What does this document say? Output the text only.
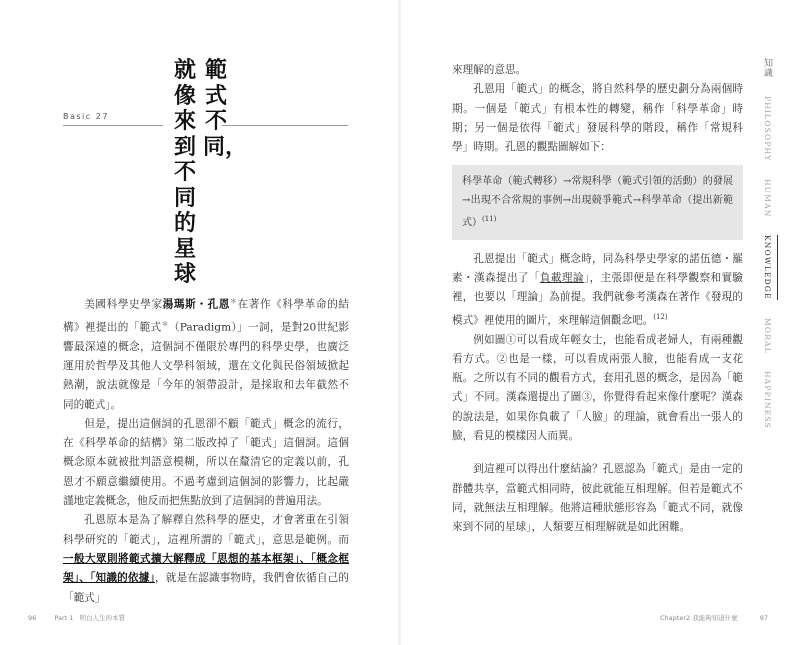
Basic 27
範式不同，
就像來到不同的星球

美國科學史學家湯瑪斯・孔恩＊在著作《科學革命的結構》裡提出的「範式＊（Paradigm）」一詞，是對20世紀影響最深遠的概念，這個詞不僅限於專門的科學史學，也廣泛運用於哲學及其他人文學科領域，還在文化與民俗領域掀起熱潮，說法就像是「今年的領帶設計，是採取和去年截然不同的範式」。

但是，提出這個詞的孔恩卻不顧「範式」概念的流行，在《科學革命的結構》第二版改掉了「範式」這個詞。這個概念原本就被批判語意模糊，所以在釐清它的定義以前，孔恩才不願意繼續使用。不過考慮到這個詞的影響力，比起嚴謹地定義概念，他反而把焦點放到了這個詞的普遍用法。

孔恩原本是為了解釋自然科學的歷史，才會著重在引領科學研究的「範式」，這裡所謂的「範式」，意思是範例。而一般大眾則將範式擴大解釋成「思想的基本框架」、「概念框架」、「知識的依據」，就是在認識事物時，我們會依循自己的「範式」

96	Part 1 明白人生的本質

來理解的意思。

孔恩用「範式」的概念，將自然科學的歷史劃分為兩個時期。一個是「範式」有根本性的轉變，稱作「科學革命」時期；另一個是依得「範式」發展科學的階段，稱作「常規科學」時期。孔恩的觀點圖解如下：

科學革命（範式轉移）→常規科學（範式引領的活動）的發展→出現不合常規的事例→出現競爭範式→科學革命（提出新範式）$^{(11)}$

孔恩提出「範式」概念時，同為科學史學家的諾伍德・羅素・漢森提出了「負載理論」，主張即便是在科學觀察和實驗裡，也要以「理論」為前提。我們就參考漢森在著作《發現的模式》裡使用的圖片，來理解這個觀念吧。$^{(12)}$

例如圖①可以看成年輕女士，也能看成老婦人，有兩種觀看方式。②也是一樣，可以看成兩張人臉，也能看成一支花瓶。之所以有不同的觀看方式，套用孔恩的概念，是因為「範式」不同。漢森還提出了圖③，你覺得看起來像什麼呢？漢森的說法是，如果你負載了「人臉」的理論，就會看出一張人的臉，看見的模樣因人而異。

到這裡可以得出什麼結論？孔恩認為「範式」是由一定的群體共享，當範式相同時，彼此就能互相理解。但若是範式不同，就無法互相理解。他將這種狀態形容為「範式不同，就像來到不同的星球」，人類要互相理解就是如此困難。

知識 PHILOSOPHY HUMAN KNOWLEDGE MORAL HAPPINESS
Chapter2 我能夠知道什麼	97
